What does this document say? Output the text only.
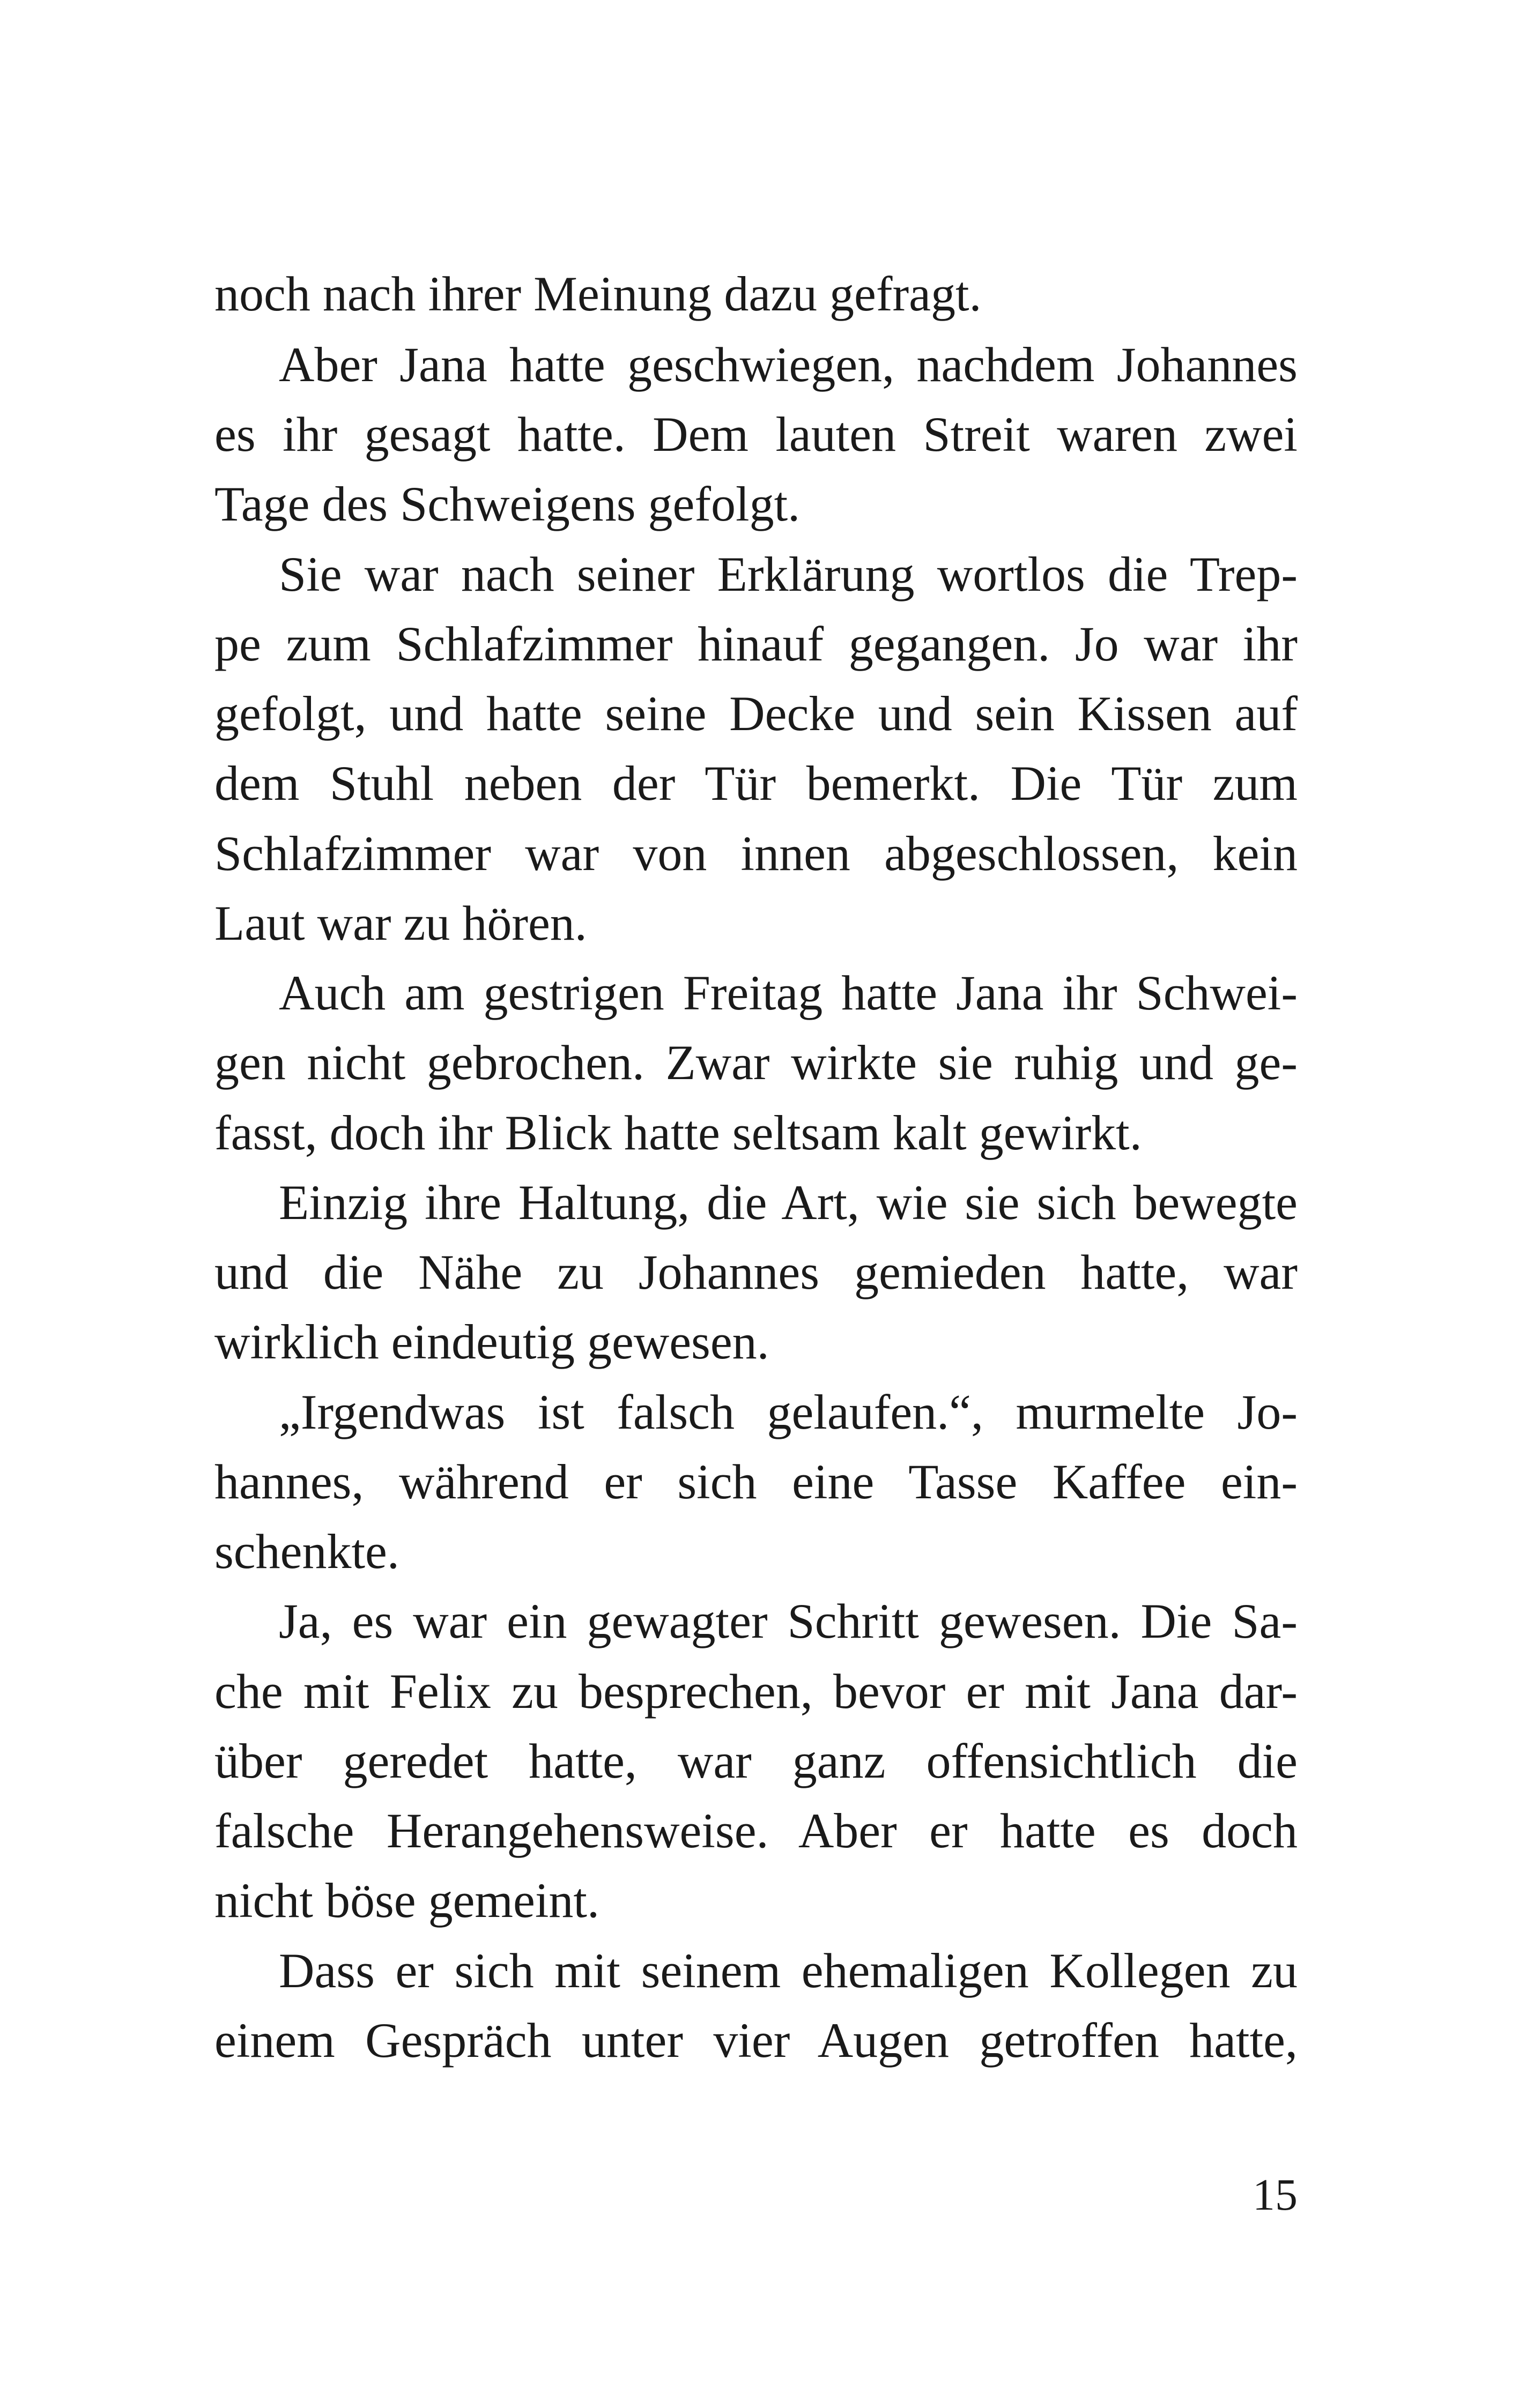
noch nach ihrer Meinung dazu gefragt.
Aber Jana hatte geschwiegen, nachdem Johannes
es ihr gesagt hatte. Dem lauten Streit waren zwei
Tage des Schweigens gefolgt.
Sie war nach seiner Erklärung wortlos die Trep-
pe zum Schlafzimmer hinauf gegangen. Jo war ihr
gefolgt, und hatte seine Decke und sein Kissen auf
dem Stuhl neben der Tür bemerkt. Die Tür zum
Schlafzimmer war von innen abgeschlossen, kein
Laut war zu hören.
Auch am gestrigen Freitag hatte Jana ihr Schwei-
gen nicht gebrochen. Zwar wirkte sie ruhig und ge-
fasst, doch ihr Blick hatte seltsam kalt gewirkt.
Einzig ihre Haltung, die Art, wie sie sich bewegte
und die Nähe zu Johannes gemieden hatte, war
wirklich eindeutig gewesen.
„Irgendwas ist falsch gelaufen.“, murmelte Jo-
hannes, während er sich eine Tasse Kaffee ein-
schenkte.
Ja, es war ein gewagter Schritt gewesen. Die Sa-
che mit Felix zu besprechen, bevor er mit Jana dar-
über geredet hatte, war ganz offensichtlich die
falsche Herangehensweise. Aber er hatte es doch
nicht böse gemeint.
Dass er sich mit seinem ehemaligen Kollegen zu
einem Gespräch unter vier Augen getroffen hatte,
15
